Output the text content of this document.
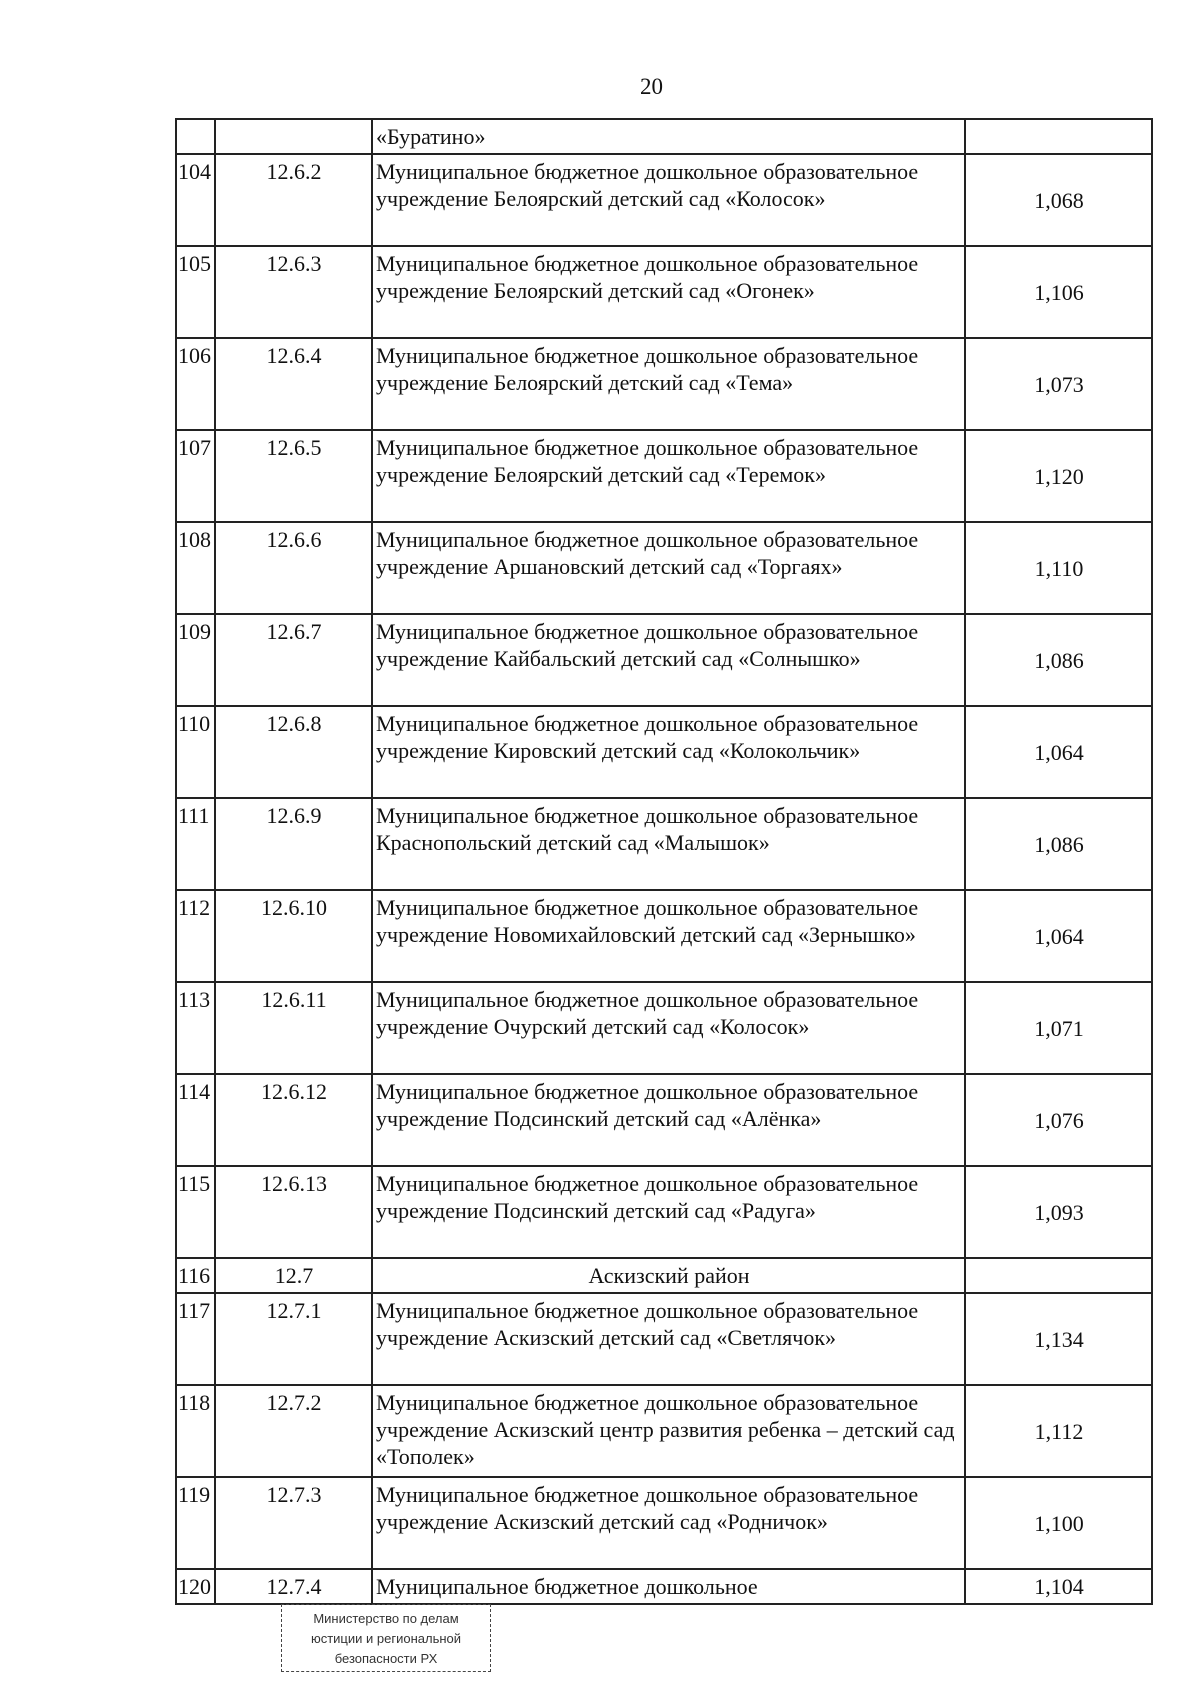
20
		«Буратино»	
104	12.6.2	Муниципальное бюджетное дошкольное образовательное учреждение Белоярский детский сад «Колосок»	1,068
105	12.6.3	Муниципальное бюджетное дошкольное образовательное учреждение Белоярский детский сад «Огонек»	1,106
106	12.6.4	Муниципальное бюджетное дошкольное образовательное учреждение Белоярский детский сад «Тема»	1,073
107	12.6.5	Муниципальное бюджетное дошкольное образовательное учреждение Белоярский детский сад «Теремок»	1,120
108	12.6.6	Муниципальное бюджетное дошкольное образовательное учреждение Аршановский детский сад «Торгаях»	1,110
109	12.6.7	Муниципальное бюджетное дошкольное образовательное учреждение Кайбальский детский сад «Солнышко»	1,086
110	12.6.8	Муниципальное бюджетное дошкольное образовательное учреждение Кировский детский сад «Колокольчик»	1,064
111	12.6.9	Муниципальное бюджетное дошкольное образовательное Краснопольский детский сад «Малышок»	1,086
112	12.6.10	Муниципальное бюджетное дошкольное образовательное учреждение Новомихайловский детский сад «Зернышко»	1,064
113	12.6.11	Муниципальное бюджетное дошкольное образовательное учреждение Очурский детский сад «Колосок»	1,071
114	12.6.12	Муниципальное бюджетное дошкольное образовательное учреждение Подсинский детский сад «Алёнка»	1,076
115	12.6.13	Муниципальное бюджетное дошкольное образовательное учреждение Подсинский детский сад «Радуга»	1,093
116	12.7	Аскизский район	
117	12.7.1	Муниципальное бюджетное дошкольное образовательное учреждение Аскизский детский сад «Светлячок»	1,134
118	12.7.2	Муниципальное бюджетное дошкольное образовательное учреждение Аскизский центр развития ребенка – детский сад «Тополек»	1,112
119	12.7.3	Муниципальное бюджетное дошкольное образовательное учреждение Аскизский детский сад «Родничок»	1,100
120	12.7.4	Муниципальное бюджетное дошкольное	1,104
Министерство по делам
юстиции и региональной
безопасности РХ
